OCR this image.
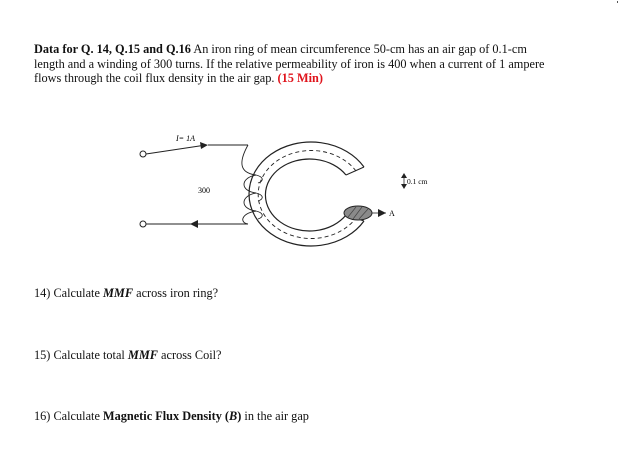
Data for Q. 14, Q.15 and Q.16 An iron ring of mean circumference 50-cm has an air gap of 0.1-cm length and a winding of 300 turns. If the relative permeability of iron is 400 when a current of 1 ampere flows through the coil flux density in the air gap. (15 Min)
I= 1A
300
A
0.1 cm
14) Calculate MMF across iron ring?
15) Calculate total MMF across Coil?
16) Calculate Magnetic Flux Density (B) in the air gap
